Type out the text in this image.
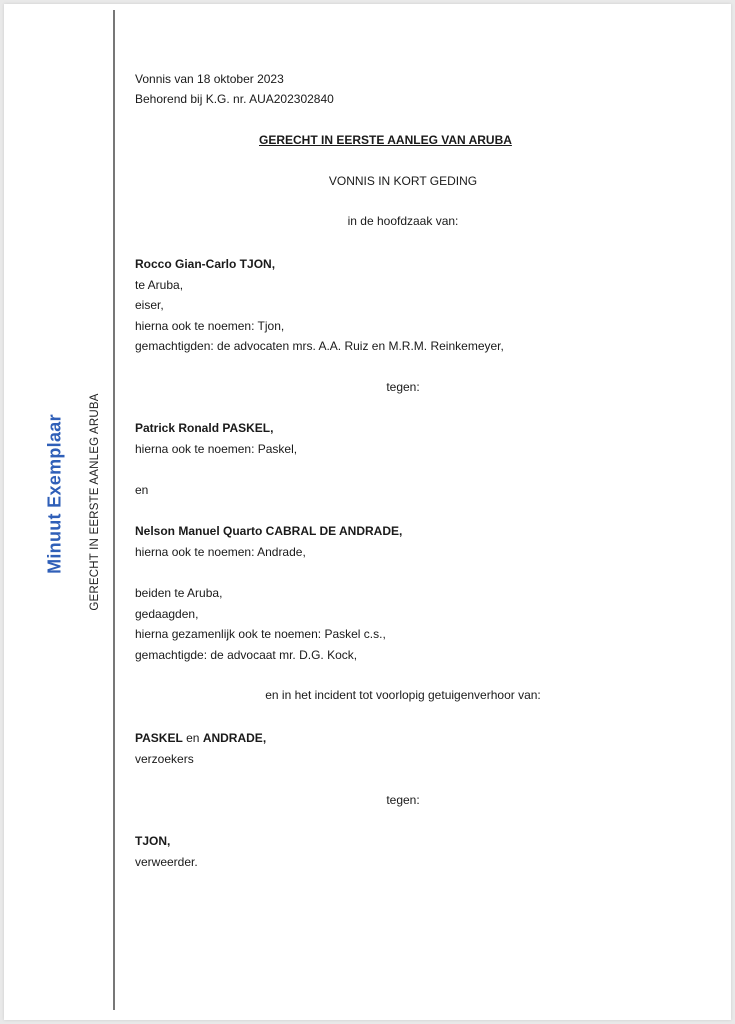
Minuut Exemplaar GERECHT IN EERSTE AANLEG ARUBA
Vonnis van 18 oktober 2023
Behorend bij K.G. nr. AUA202302840
GERECHT IN EERSTE AANLEG VAN ARUBA
VONNIS IN KORT GEDING
in de hoofdzaak van:
Rocco Gian-Carlo TJON,
te Aruba,
eiser,
hierna ook te noemen: Tjon,
gemachtigden: de advocaten mrs. A.A. Ruiz en M.R.M. Reinkemeyer,
tegen:
Patrick Ronald PASKEL,
hierna ook te noemen: Paskel,
en
Nelson Manuel Quarto CABRAL DE ANDRADE,
hierna ook te noemen: Andrade,
beiden te Aruba,
gedaagden,
hierna gezamenlijk ook te noemen: Paskel c.s.,
gemachtigde: de advocaat mr. D.G. Kock,
en in het incident tot voorlopig getuigenverhoor van:
PASKEL en ANDRADE,
verzoekers
tegen:
TJON,
verweerder.
